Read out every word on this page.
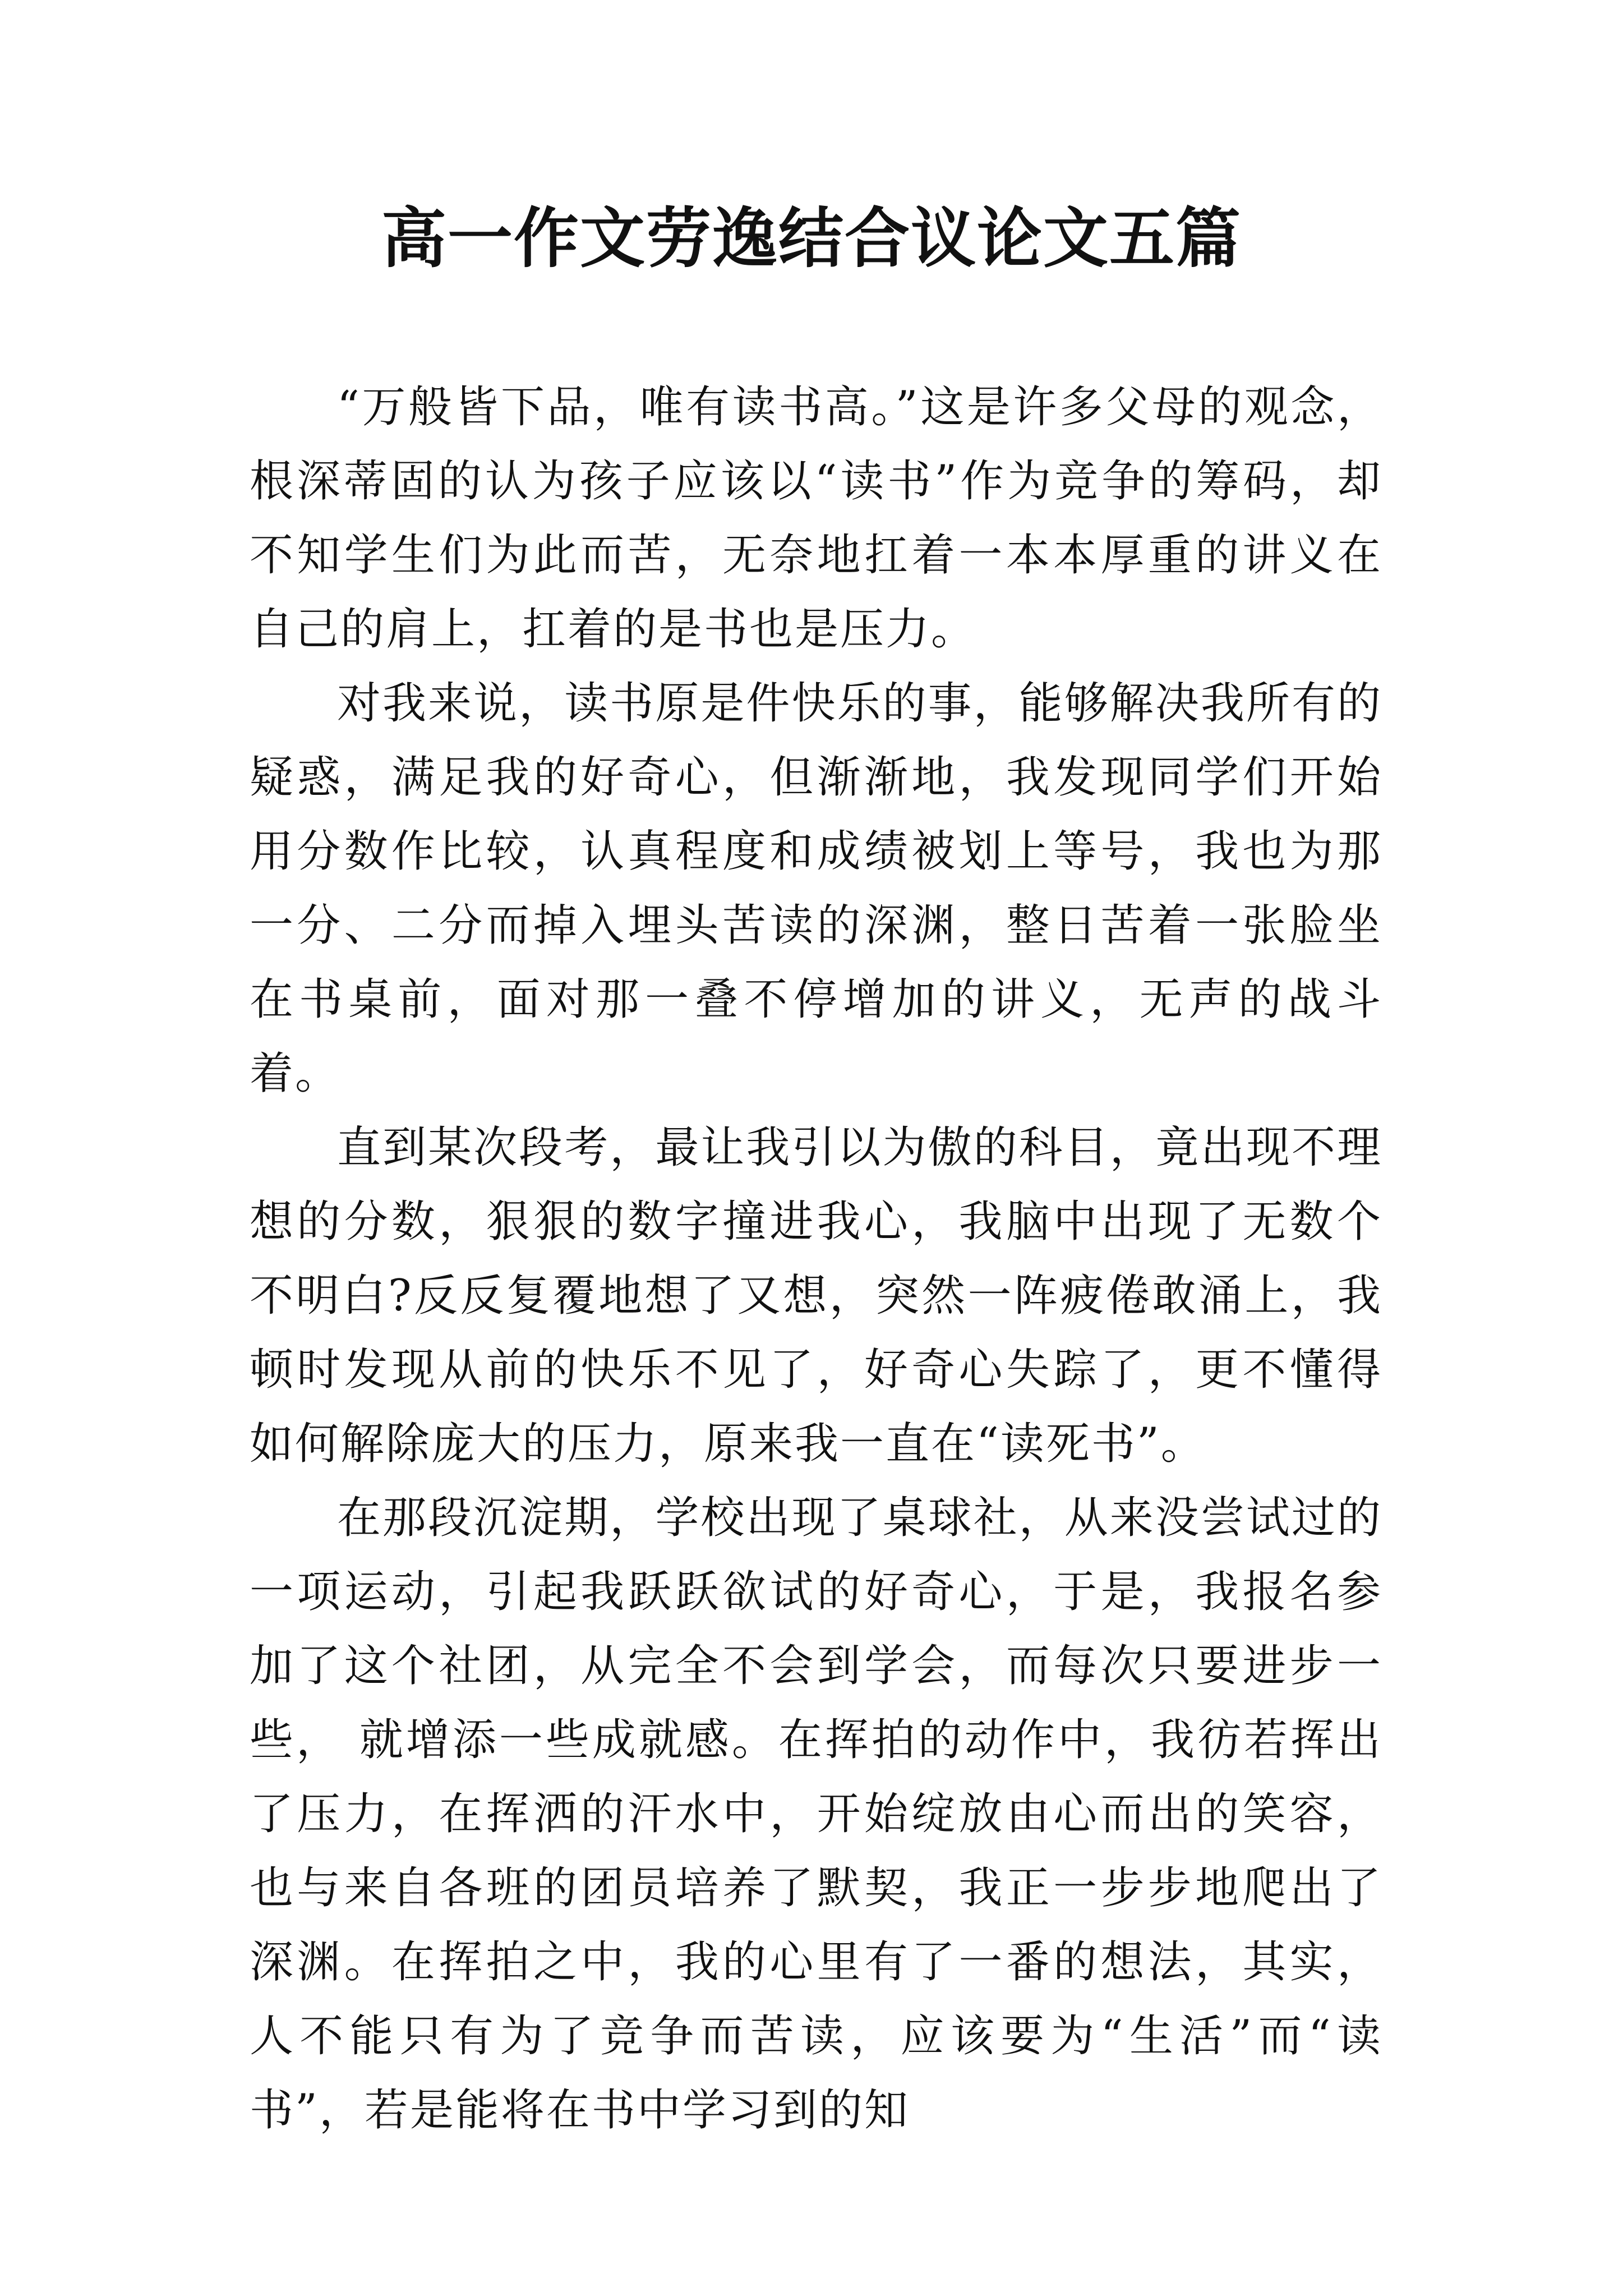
高一作文劳逸结合议论文五篇

“万般皆下品，唯有读书高。”这是许多父母的观念，根深蒂固的认为孩子应该以“读书”作为竞争的筹码，却不知学生们为此而苦，无奈地扛着一本本厚重的讲义在自己的肩上，扛着的是书也是压力。

对我来说，读书原是件快乐的事，能够解决我所有的疑惑，满足我的好奇心，但渐渐地，我发现同学们开始用分数作比较，认真程度和成绩被划上等号，我也为那一分、二分而掉入埋头苦读的深渊，整日苦着一张脸坐在书桌前，面对那一叠不停增加的讲义，无声的战斗着。

直到某次段考，最让我引以为傲的科目，竟出现不理想的分数，狠狠的数字撞进我心，我脑中出现了无数个不明白?反反复覆地想了又想，突然一阵疲倦敢涌上，我顿时发现从前的快乐不见了，好奇心失踪了，更不懂得如何解除庞大的压力，原来我一直在“读死书”。

在那段沉淀期，学校出现了桌球社，从来没尝试过的一项运动，引起我跃跃欲试的好奇心，于是，我报名参加了这个社团，从完全不会到学会，而每次只要进步一些， 就增添一些成就感。在挥拍的动作中，我彷若挥出了压力，在挥洒的汗水中，开始绽放由心而出的笑容，也与来自各班的团员培养了默契，我正一步步地爬出了深渊。在挥拍之中，我的心里有了一番的想法，其实，人不能只有为了竞争而苦读，应该要为“生活”而“读书”，若是能将在书中学习到的知
